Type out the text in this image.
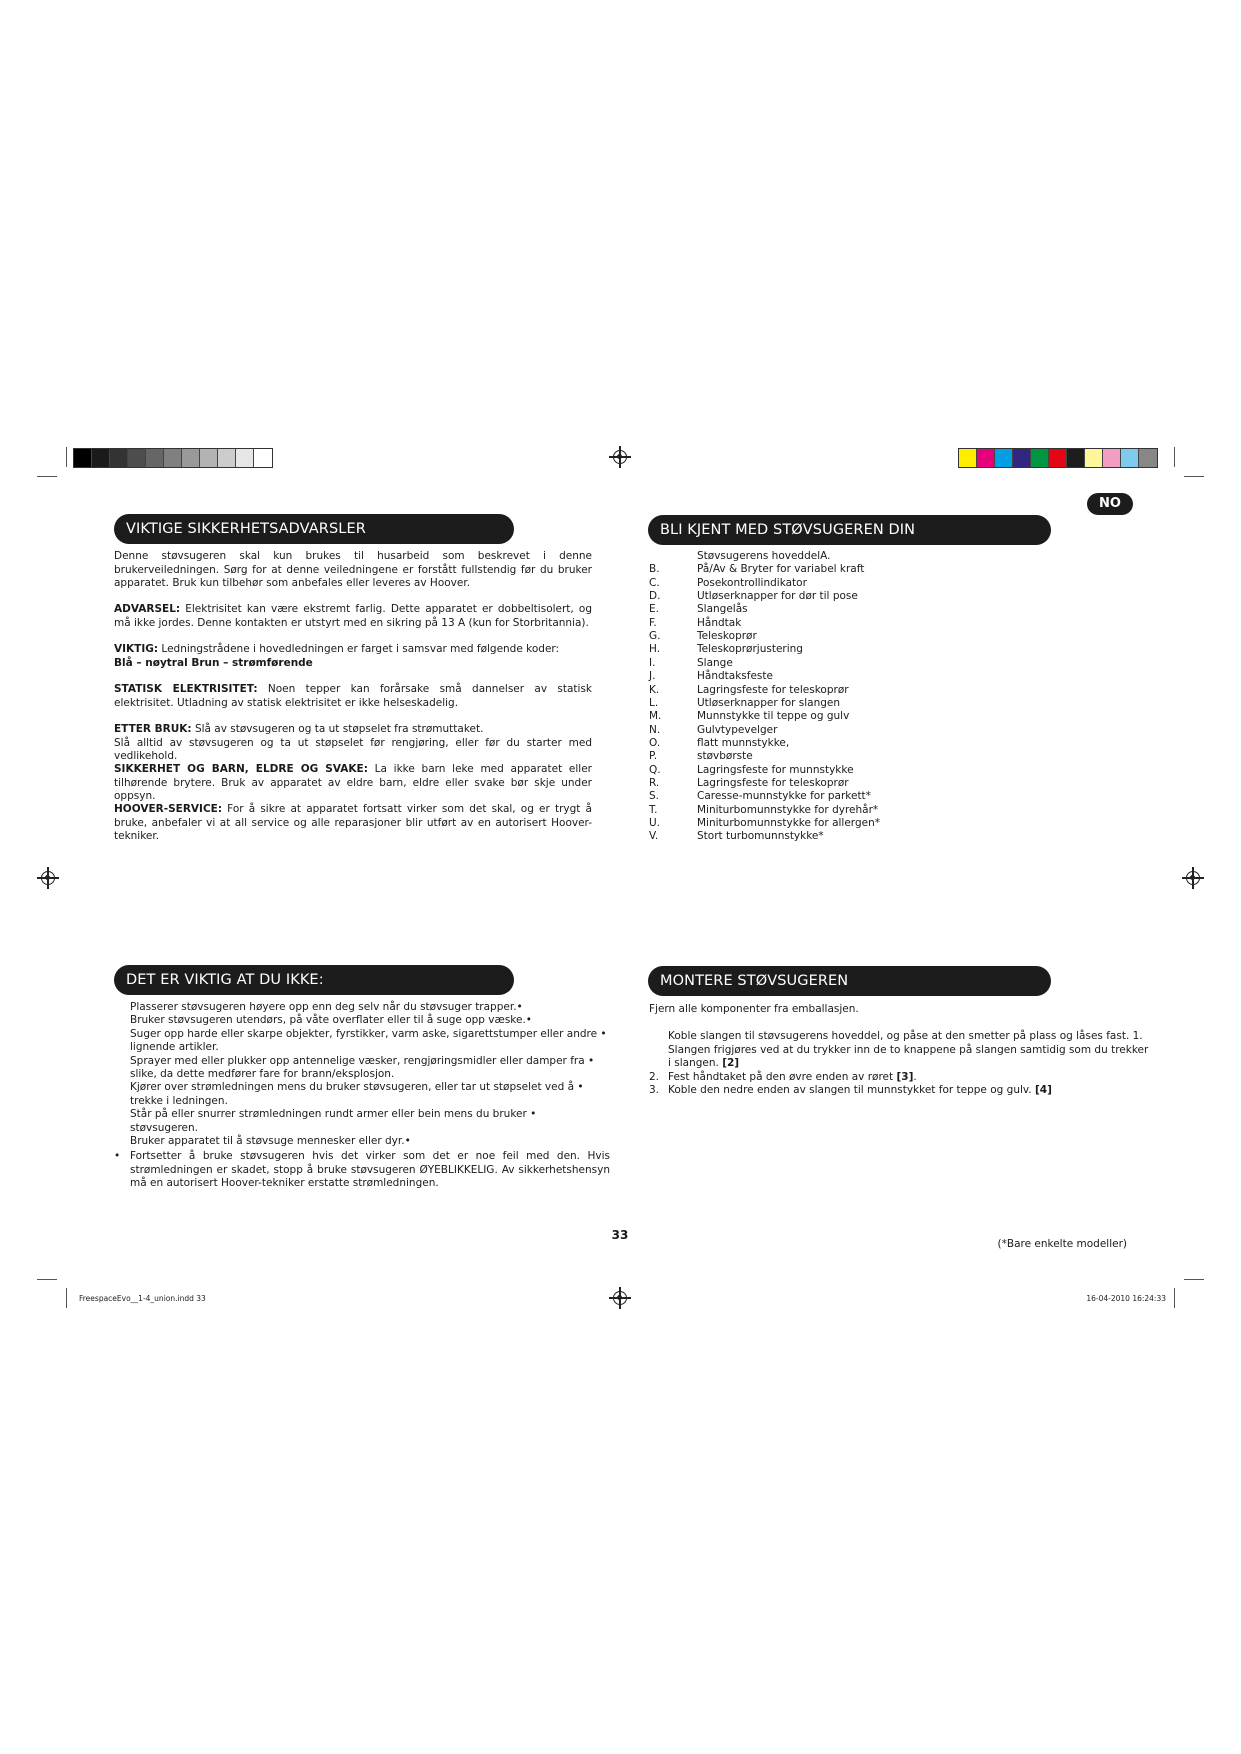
NO
VIKTIGE SIKKERHETSADVARSLER
Denne støvsugeren skal kun brukes til husarbeid som beskrevet i denne brukerveiledningen. Sørg for at denne veiledningene er forstått fullstendig før du bruker apparatet. Bruk kun tilbehør som anbefales eller leveres av Hoover.
ADVARSEL: Elektrisitet kan være ekstremt farlig. Dette apparatet er dobbeltisolert, og må ikke jordes. Denne kontakten er utstyrt med en sikring på 13 A (kun for Storbritannia).
VIKTIG: Ledningstrådene i hovedledningen er farget i samsvar med følgende koder:
Blå – nøytral Brun – strømførende
STATISK ELEKTRISITET: Noen tepper kan forårsake små dannelser av statisk elektrisitet. Utladning av statisk elektrisitet er ikke helseskadelig.
ETTER BRUK: Slå av støvsugeren og ta ut støpselet fra strømuttaket.
Slå alltid av støvsugeren og ta ut støpselet før rengjøring, eller før du starter med vedlikehold.
SIKKERHET OG BARN, ELDRE OG SVAKE: La ikke barn leke med apparatet eller tilhørende brytere. Bruk av apparatet av eldre barn, eldre eller svake bør skje under oppsyn.
HOOVER-SERVICE: For å sikre at apparatet fortsatt virker som det skal, og er trygt å bruke, anbefaler vi at all service og alle reparasjoner blir utført av en autorisert Hoover-tekniker.
BLI KJENT MED STØVSUGEREN DIN
Støvsugerens hoveddelA.
B.	På/Av & Bryter for variabel kraft
C.	Posekontrollindikator
D.	Utløserknapper for dør til pose
E.	Slangelås
F.	Håndtak
G.	Teleskoprør
H.	Teleskoprørjustering
I.	Slange
J.	Håndtaksfeste
K.	Lagringsfeste for teleskoprør
L.	Utløserknapper for slangen
M.	Munnstykke til teppe og gulv
N.	Gulvtypevelger
O.	flatt munnstykke,
P.	støvbørste
Q.	Lagringsfeste for munnstykke
R.	Lagringsfeste for teleskoprør
S.	Caresse-munnstykke for parkett*
T.	Miniturbomunnstykke for dyrehår*
U.	Miniturbomunnstykke for allergen*
V.	Stort turbomunnstykke*
DET ER VIKTIG AT DU IKKE:
Plasserer støvsugeren høyere opp enn deg selv når du støvsuger trapper.•
Bruker støvsugeren utendørs, på våte overflater eller til å suge opp væske.•
Suger opp harde eller skarpe objekter, fyrstikker, varm aske, sigarettstumper eller andre •
lignende artikler.
Sprayer med eller plukker opp antennelige væsker, rengjøringsmidler eller damper fra •
slike, da dette medfører fare for brann/eksplosjon.
Kjører over strømledningen mens du bruker støvsugeren, eller tar ut støpselet ved å •
trekke i ledningen.
Står på eller snurrer strømledningen rundt armer eller bein mens du bruker •
støvsugeren.
Bruker apparatet til å støvsuge mennesker eller dyr.•
• Fortsetter å bruke støvsugeren hvis det virker som det er noe feil med den. Hvis strømledningen er skadet, stopp å bruke støvsugeren ØYEBLIKKELIG. Av sikkerhetshensyn må en autorisert Hoover-tekniker erstatte strømledningen.
MONTERE STØVSUGEREN
Fjern alle komponenter fra emballasjen.
Koble slangen til støvsugerens hoveddel, og påse at den smetter på plass og låses fast. 1.
Slangen frigjøres ved at du trykker inn de to knappene på slangen samtidig som du trekker
i slangen. [2]
2. Fest håndtaket på den øvre enden av røret [3].
3. Koble den nedre enden av slangen til munnstykket for teppe og gulv. [4]
33
(*Bare enkelte modeller)
FreespaceEvo__1-4_union.indd 33	16-04-2010 16:24:33
